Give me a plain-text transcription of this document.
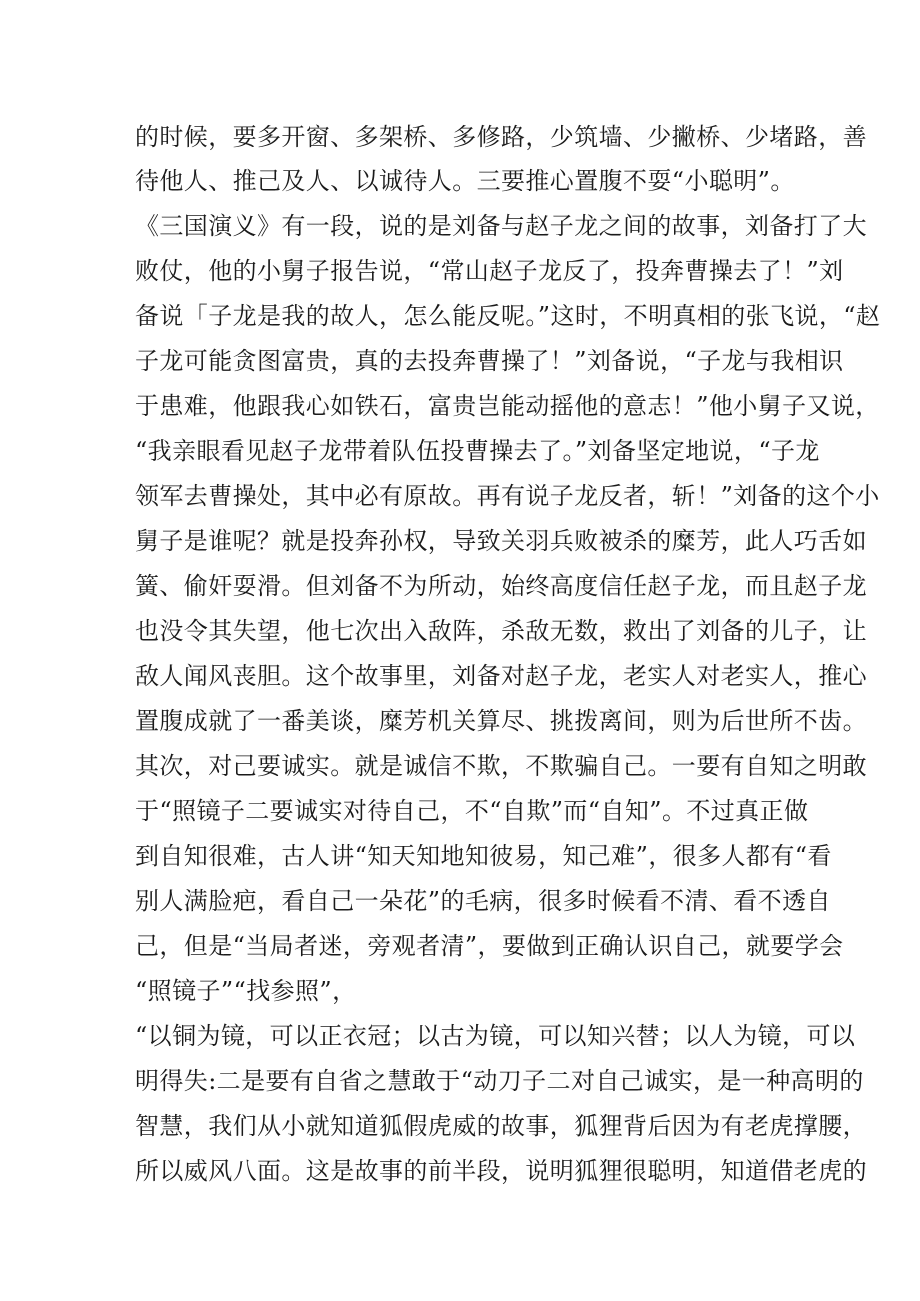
的时候，要多开窗、多架桥、多修路，少筑墙、少撇桥、少堵路，善
待他人、推己及人、以诚待人。三要推心置腹不耍“小聪明”。
《三国演义》有一段，说的是刘备与赵子龙之间的故事，刘备打了大
败仗，他的小舅子报告说，“常山赵子龙反了，投奔曹操去了！”刘
备说「子龙是我的故人，怎么能反呢。”这时，不明真相的张飞说，“赵
子龙可能贪图富贵，真的去投奔曹操了！”刘备说，“子龙与我相识
于患难，他跟我心如铁石，富贵岂能动摇他的意志！”他小舅子又说，
“我亲眼看见赵子龙带着队伍投曹操去了。”刘备坚定地说，“子龙
领军去曹操处，其中必有原故。再有说子龙反者，斩！”刘备的这个小
舅子是谁呢？就是投奔孙权，导致关羽兵败被杀的糜芳，此人巧舌如
簧、偷奸耍滑。但刘备不为所动，始终高度信任赵子龙，而且赵子龙
也没令其失望，他七次出入敌阵，杀敌无数，救出了刘备的儿子，让
敌人闻风丧胆。这个故事里，刘备对赵子龙，老实人对老实人，推心
置腹成就了一番美谈，糜芳机关算尽、挑拨离间，则为后世所不齿。
其次，对己要诚实。就是诚信不欺，不欺骗自己。一要有自知之明敢
于“照镜子二要诚实对待自己，不“自欺”而“自知”。不过真正做
到自知很难，古人讲“知天知地知彼易，知己难”，很多人都有“看
别人满脸疤，看自己一朵花”的毛病，很多时候看不清、看不透自
己，但是“当局者迷，旁观者清”，要做到正确认识自己，就要学会
“照镜子”“找参照”，
“以铜为镜，可以正衣冠；以古为镜，可以知兴替；以人为镜，可以
明得失:二是要有自省之慧敢于“动刀子二对自己诚实，是一种高明的
智慧，我们从小就知道狐假虎威的故事，狐狸背后因为有老虎撑腰，
所以威风八面。这是故事的前半段，说明狐狸很聪明，知道借老虎的
